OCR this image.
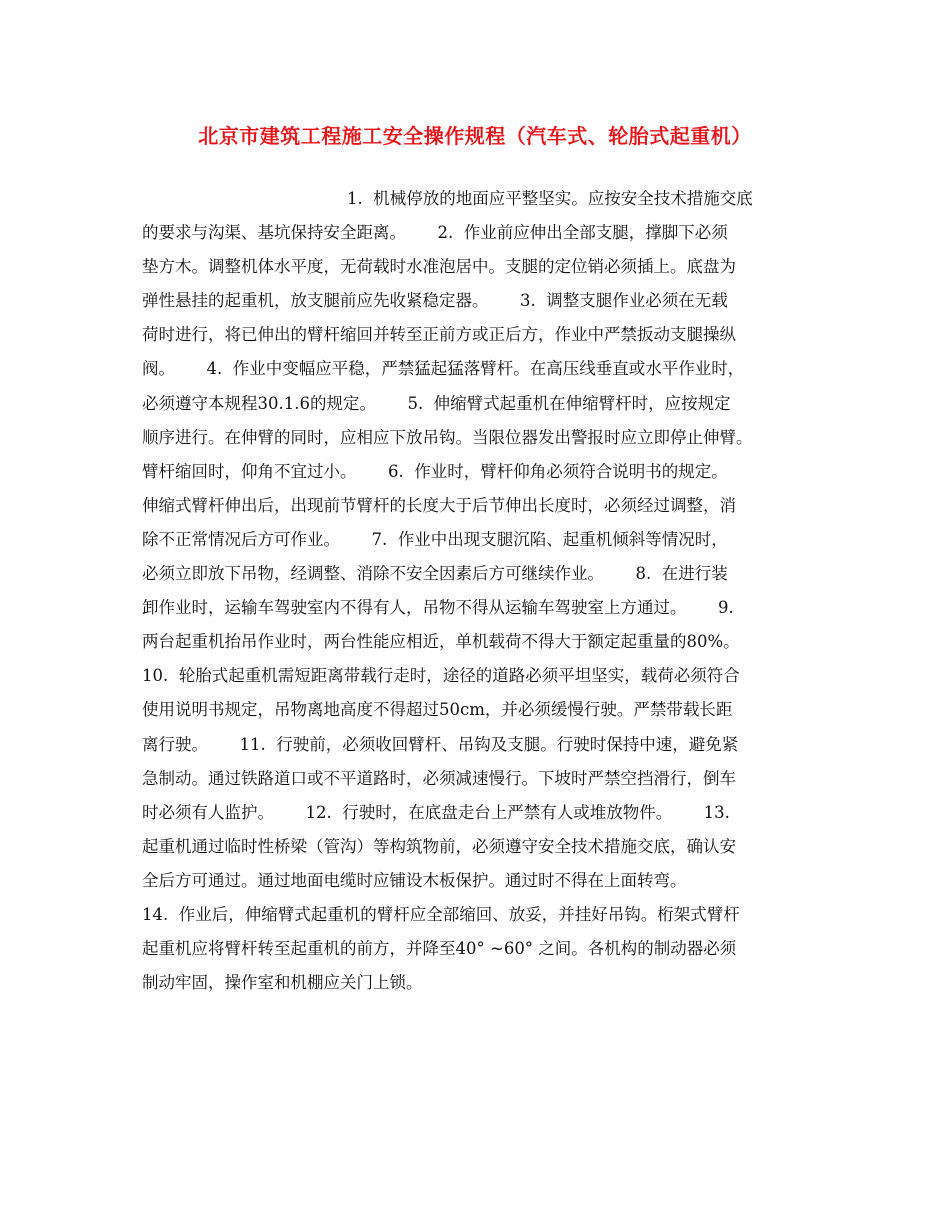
北京市建筑工程施工安全操作规程（汽车式、轮胎式起重机）
1.  机械停放的地面应平整坚实。应按安全技术措施交底
的要求与沟渠、基坑保持安全距离。      2.  作业前应伸出全部支腿，撑脚下必须
垫方木。调整机体水平度，无荷载时水准泡居中。支腿的定位销必须插上。底盘为
弹性悬挂的起重机，放支腿前应先收紧稳定器。      3.  调整支腿作业必须在无载
荷时进行，将已伸出的臂杆缩回并转至正前方或正后方，作业中严禁扳动支腿操纵
阀。      4.  作业中变幅应平稳，严禁猛起猛落臂杆。在高压线垂直或水平作业时，
必须遵守本规程30.1.6的规定。      5.  伸缩臂式起重机在伸缩臂杆时，应按规定
顺序进行。在伸臂的同时，应相应下放吊钩。当限位器发出警报时应立即停止伸臂。
臂杆缩回时，仰角不宜过小。      6.  作业时，臂杆仰角必须符合说明书的规定。
伸缩式臂杆伸出后，出现前节臂杆的长度大于后节伸出长度时，必须经过调整，消
除不正常情况后方可作业。      7.  作业中出现支腿沉陷、起重机倾斜等情况时，
必须立即放下吊物，经调整、消除不安全因素后方可继续作业。      8.  在进行装
卸作业时，运输车驾驶室内不得有人，吊物不得从运输车驾驶室上方通过。      9.
两台起重机抬吊作业时，两台性能应相近，单机载荷不得大于额定起重量的80%。
10.  轮胎式起重机需短距离带载行走时，途径的道路必须平坦坚实，载荷必须符合
使用说明书规定，吊物离地高度不得超过50cm，并必须缓慢行驶。严禁带载长距
离行驶。      11.  行驶前，必须收回臂杆、吊钩及支腿。行驶时保持中速，避免紧
急制动。通过铁路道口或不平道路时，必须减速慢行。下坡时严禁空挡滑行，倒车
时必须有人监护。      12.  行驶时，在底盘走台上严禁有人或堆放物件。      13.
起重机通过临时性桥梁（管沟）等构筑物前，必须遵守安全技术措施交底，确认安
全后方可通过。通过地面电缆时应铺设木板保护。通过时不得在上面转弯。
14.  作业后，伸缩臂式起重机的臂杆应全部缩回、放妥，并挂好吊钩。桁架式臂杆
起重机应将臂杆转至起重机的前方，并降至40° ~60° 之间。各机构的制动器必须
制动牢固，操作室和机棚应关门上锁。
